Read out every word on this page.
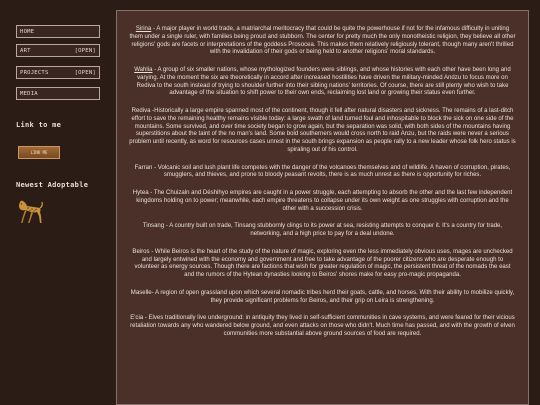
HOME
ART	[OPEN]
PROJECTS	[OPEN]
MEDIA
Link to me
LINK ME
Newest Adoptable

Sirina - A major player in world trade, a matriarchal meritocracy that could be quite the powerhouse if not for the infamous difficulty in uniting them under a single ruler, with families being proud and stubborn. The center for pretty much the only monotheistic religion, they believe all other religions' gods are facets or interpretations of the goddess Prosocea. This makes them relatively religiously tolerant, though many aren't thrilled with the invalidation of their gods or being held to another religions' moral standards.

Wahlia - A group of six smaller nations, whose mythologized founders were siblings, and whose histories with each other have been long and varying. At the moment the six are theoretically in accord after increased hostilities have driven the military-minded Andzu to focus more on Rediva to the south instead of trying to shoulder further into their sibling nations' territories. Of course, there are still plenty who wish to take advantage of the situation to shift power to their own ends, reclaiming lost land or growing their status even further.

Rediva -Historically a large empire spanned most of the continent, though it fell after natural disasters and sickness. The remains of a last-ditch effort to save the remaining healthy remains visible today: a large swath of land turned foul and inhospitable to block the sick on one side of the mountains. Some survived, and over time society began to grow again, but the separation was solid, with both sides of the mountains having superstitions about the taint of the no man's land. Some bold southerners would cross north to raid Anzu, but the raids were never a serious problem until recently, as word for resources cases unrest in the south brings expansion as people rally to a new leader whose folk hero status is spiraling out of his control.

Farran - Volcanic soil and lush plant life competes with the danger of the volcanoes themselves and of wildlife. A haven of corruption, pirates, smugglers, and thieves, and prone to bloody peasant revolts, there is as much unrest as there is opportunity for riches.

Hytea - The Chuizaln and Déshihyo empires are caught in a power struggle, each attempting to absorb the other and the last few independent kingdoms holding on to power; meanwhile, each empire threatens to collapse under its own weight as one struggles with corruption and the other with a succession crisis.

Tinsang - A country built on trade, Tinsang stubbornly clings to its power at sea, resisting attempts to conquer it. It's a country for trade, networking, and a high price to pay for a deal undone.

Beiros - While Beiros is the heart of the study of the nature of magic, exploring even the less immediately obvious uses, mages are unchecked and largely entwined with the economy and government and free to take advantage of the poorer citizens who are desperate enough to volunteer as energy sources. Though there are factions that wish for greater regulation of magic, the persistent threat of the nomads the east and the rumors of the Hytean dynasties looking to Beiros' shores make for easy pro-magic propaganda.

Maselle- A region of open grassland upon which several nomadic tribes herd their goats, cattle, and horses. With their ability to mobilize quickly, they provide significant problems for Beiros, and their grip on Leira is strengthening.

E'cia - Elves traditionally live underground: in antiquity they lived in self-sufficient communities in cave systems, and were feared for their vicious retaliation towards any who wandered below ground, and even attacks on those who didn't. Much time has passed, and with the growth of elven communities more substantial above ground sources of food are required.
